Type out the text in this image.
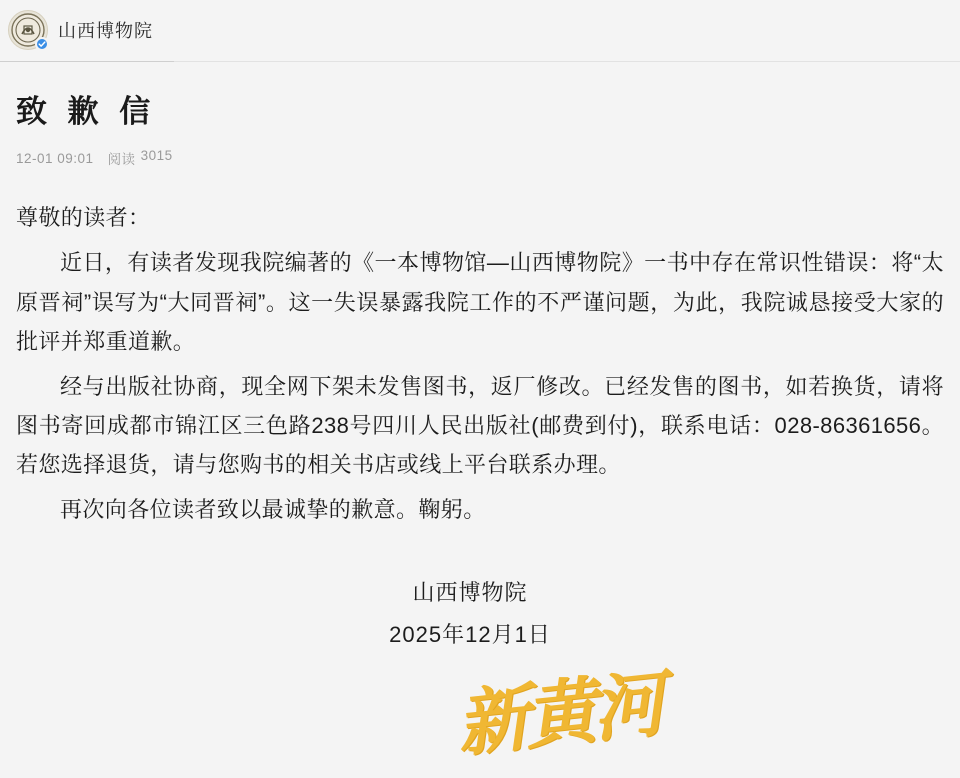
山西博物院
致 歉 信
12-01 09:01 阅读 3015

尊敬的读者：

近日，有读者发现我院编著的《一本博物馆—山西博物院》一书中存在常识性错误：将“太原晋祠”误写为“大同晋祠”。这一失误暴露我院工作的不严谨问题，为此，我院诚恳接受大家的批评并郑重道歉。

经与出版社协商，现全网下架未发售图书，返厂修改。已经发售的图书，如若换货，请将图书寄回成都市锦江区三色路238号四川人民出版社(邮费到付)，联系电话：028-86361656。若您选择退货，请与您购书的相关书店或线上平台联系办理。

再次向各位读者致以最诚挚的歉意。鞠躬。

山西博物院
2025年12月1日
新黄河
